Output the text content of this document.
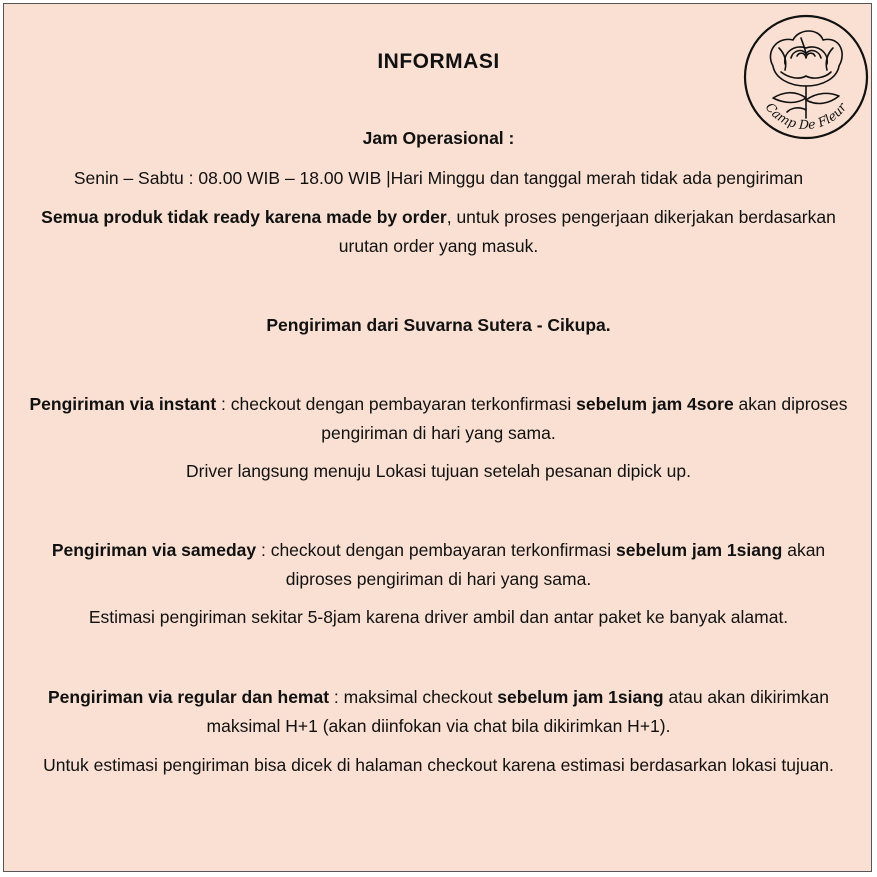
Camp De Fleur
INFORMASI
Jam Operasional :
Senin – Sabtu : 08.00 WIB – 18.00 WIB |Hari Minggu dan tanggal merah tidak ada pengiriman
Semua produk tidak ready karena made by order, untuk proses pengerjaan dikerjakan berdasarkan urutan order yang masuk.
Pengiriman dari Suvarna Sutera - Cikupa.
Pengiriman via instant : checkout dengan pembayaran terkonfirmasi sebelum jam 4sore akan diproses pengiriman di hari yang sama.
Driver langsung menuju Lokasi tujuan setelah pesanan dipick up.
Pengiriman via sameday : checkout dengan pembayaran terkonfirmasi sebelum jam 1siang akan diproses pengiriman di hari yang sama.
Estimasi pengiriman sekitar 5-8jam karena driver ambil dan antar paket ke banyak alamat.
Pengiriman via regular dan hemat : maksimal checkout sebelum jam 1siang atau akan dikirimkan maksimal H+1 (akan diinfokan via chat bila dikirimkan H+1).
Untuk estimasi pengiriman bisa dicek di halaman checkout karena estimasi berdasarkan lokasi tujuan.
